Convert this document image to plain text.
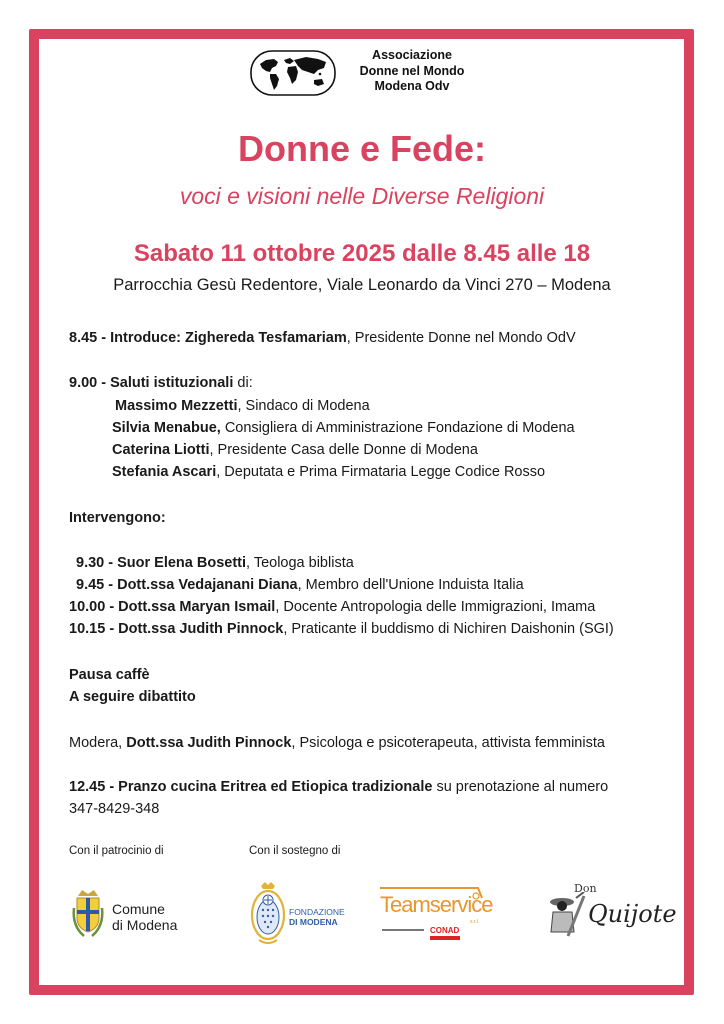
Associazione
Donne nel Mondo
Modena Odv
Donne e Fede:
voci e visioni nelle Diverse Religioni
Sabato 11 ottobre 2025 dalle 8.45 alle 18
Parrocchia Gesù Redentore, Viale Leonardo da Vinci 270 – Modena
8.45 - Introduce: Zighereda Tesfamariam, Presidente Donne nel Mondo OdV
9.00 - Saluti istituzionali di:
Massimo Mezzetti, Sindaco di Modena
Silvia Menabue, Consigliera di Amministrazione Fondazione di Modena
Caterina Liotti, Presidente Casa delle Donne di Modena
Stefania Ascari, Deputata e Prima Firmataria Legge Codice Rosso
Intervengono:
9.30 - Suor Elena Bosetti, Teologa biblista
9.45 - Dott.ssa Vedajanani Diana, Membro dell'Unione Induista Italia
10.00 - Dott.ssa Maryan Ismail, Docente Antropologia delle Immigrazioni, Imama
10.15 - Dott.ssa Judith Pinnock, Praticante il buddismo di Nichiren Daishonin (SGI)
Pausa caffè
A seguire dibattito
Modera, Dott.ssa Judith Pinnock, Psicologa e psicoterapeuta, attivista femminista
12.45 - Pranzo cucina Eritrea ed Etiopica tradizionale su prenotazione al numero
347-8429-348
Con il patrocinio di	Con il sostegno di
Comune
di Modena
FONDAZIONE
DI MODENA
Teamservice
s.r.l.
CONAD
Don
Quijote
